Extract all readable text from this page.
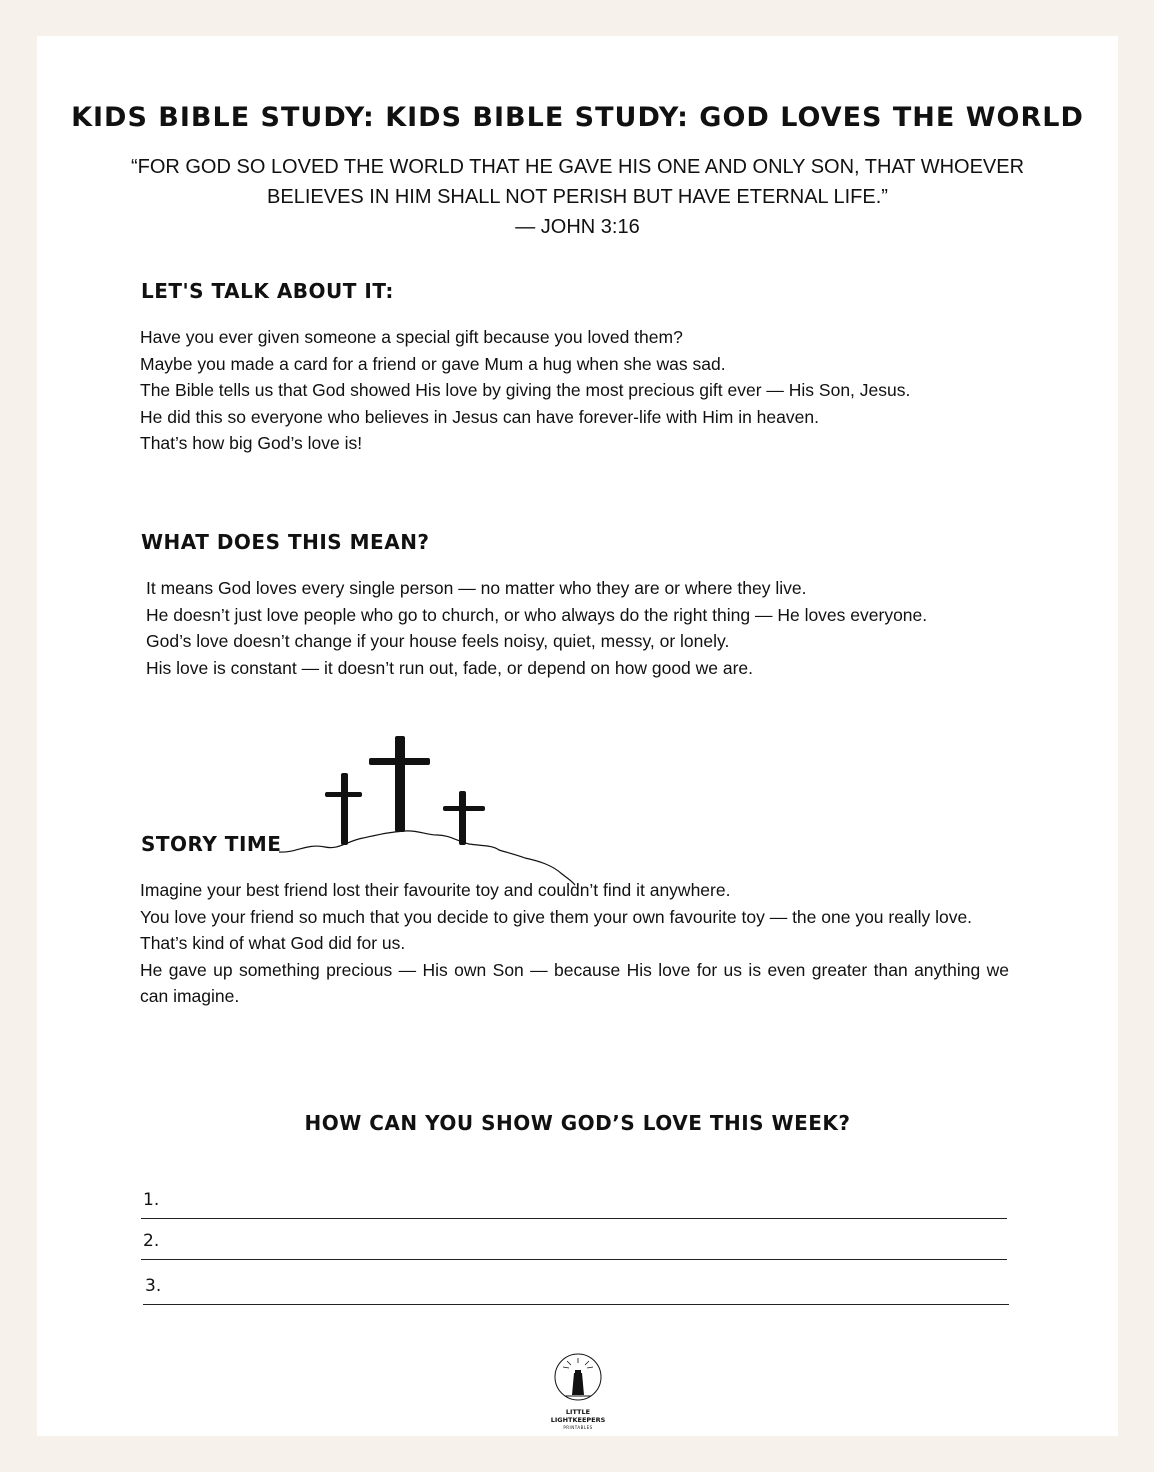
KIDS BIBLE STUDY: KIDS BIBLE STUDY: GOD LOVES THE WORLD
“FOR GOD SO LOVED THE WORLD THAT HE GAVE HIS ONE AND ONLY SON, THAT WHOEVER
BELIEVES IN HIM SHALL NOT PERISH BUT HAVE ETERNAL LIFE.”
— JOHN 3:16
LET'S TALK ABOUT IT:

Have you ever given someone a special gift because you loved them?

Maybe you made a card for a friend or gave Mum a hug when she was sad.

The Bible tells us that God showed His love by giving the most precious gift ever — His Son, Jesus.

He did this so everyone who believes in Jesus can have forever-life with Him in heaven.

That’s how big God’s love is!

WHAT DOES THIS MEAN?

It means God loves every single person — no matter who they are or where they live.

He doesn’t just love people who go to church, or who always do the right thing — He loves everyone.

God’s love doesn’t change if your house feels noisy, quiet, messy, or lonely.

His love is constant — it doesn’t run out, fade, or depend on how good we are.

STORY TIME

Imagine your best friend lost their favourite toy and couldn’t find it anywhere.

You love your friend so much that you decide to give them your own favourite toy — the one you really love.

That’s kind of what God did for us.

He gave up something precious — His own Son — because His love for us is even greater than anything we can imagine.

HOW CAN YOU SHOW GOD’S LOVE THIS WEEK?
1.
2.
3.
LITTLE
LIGHTKEEPERS
PRINTABLES
